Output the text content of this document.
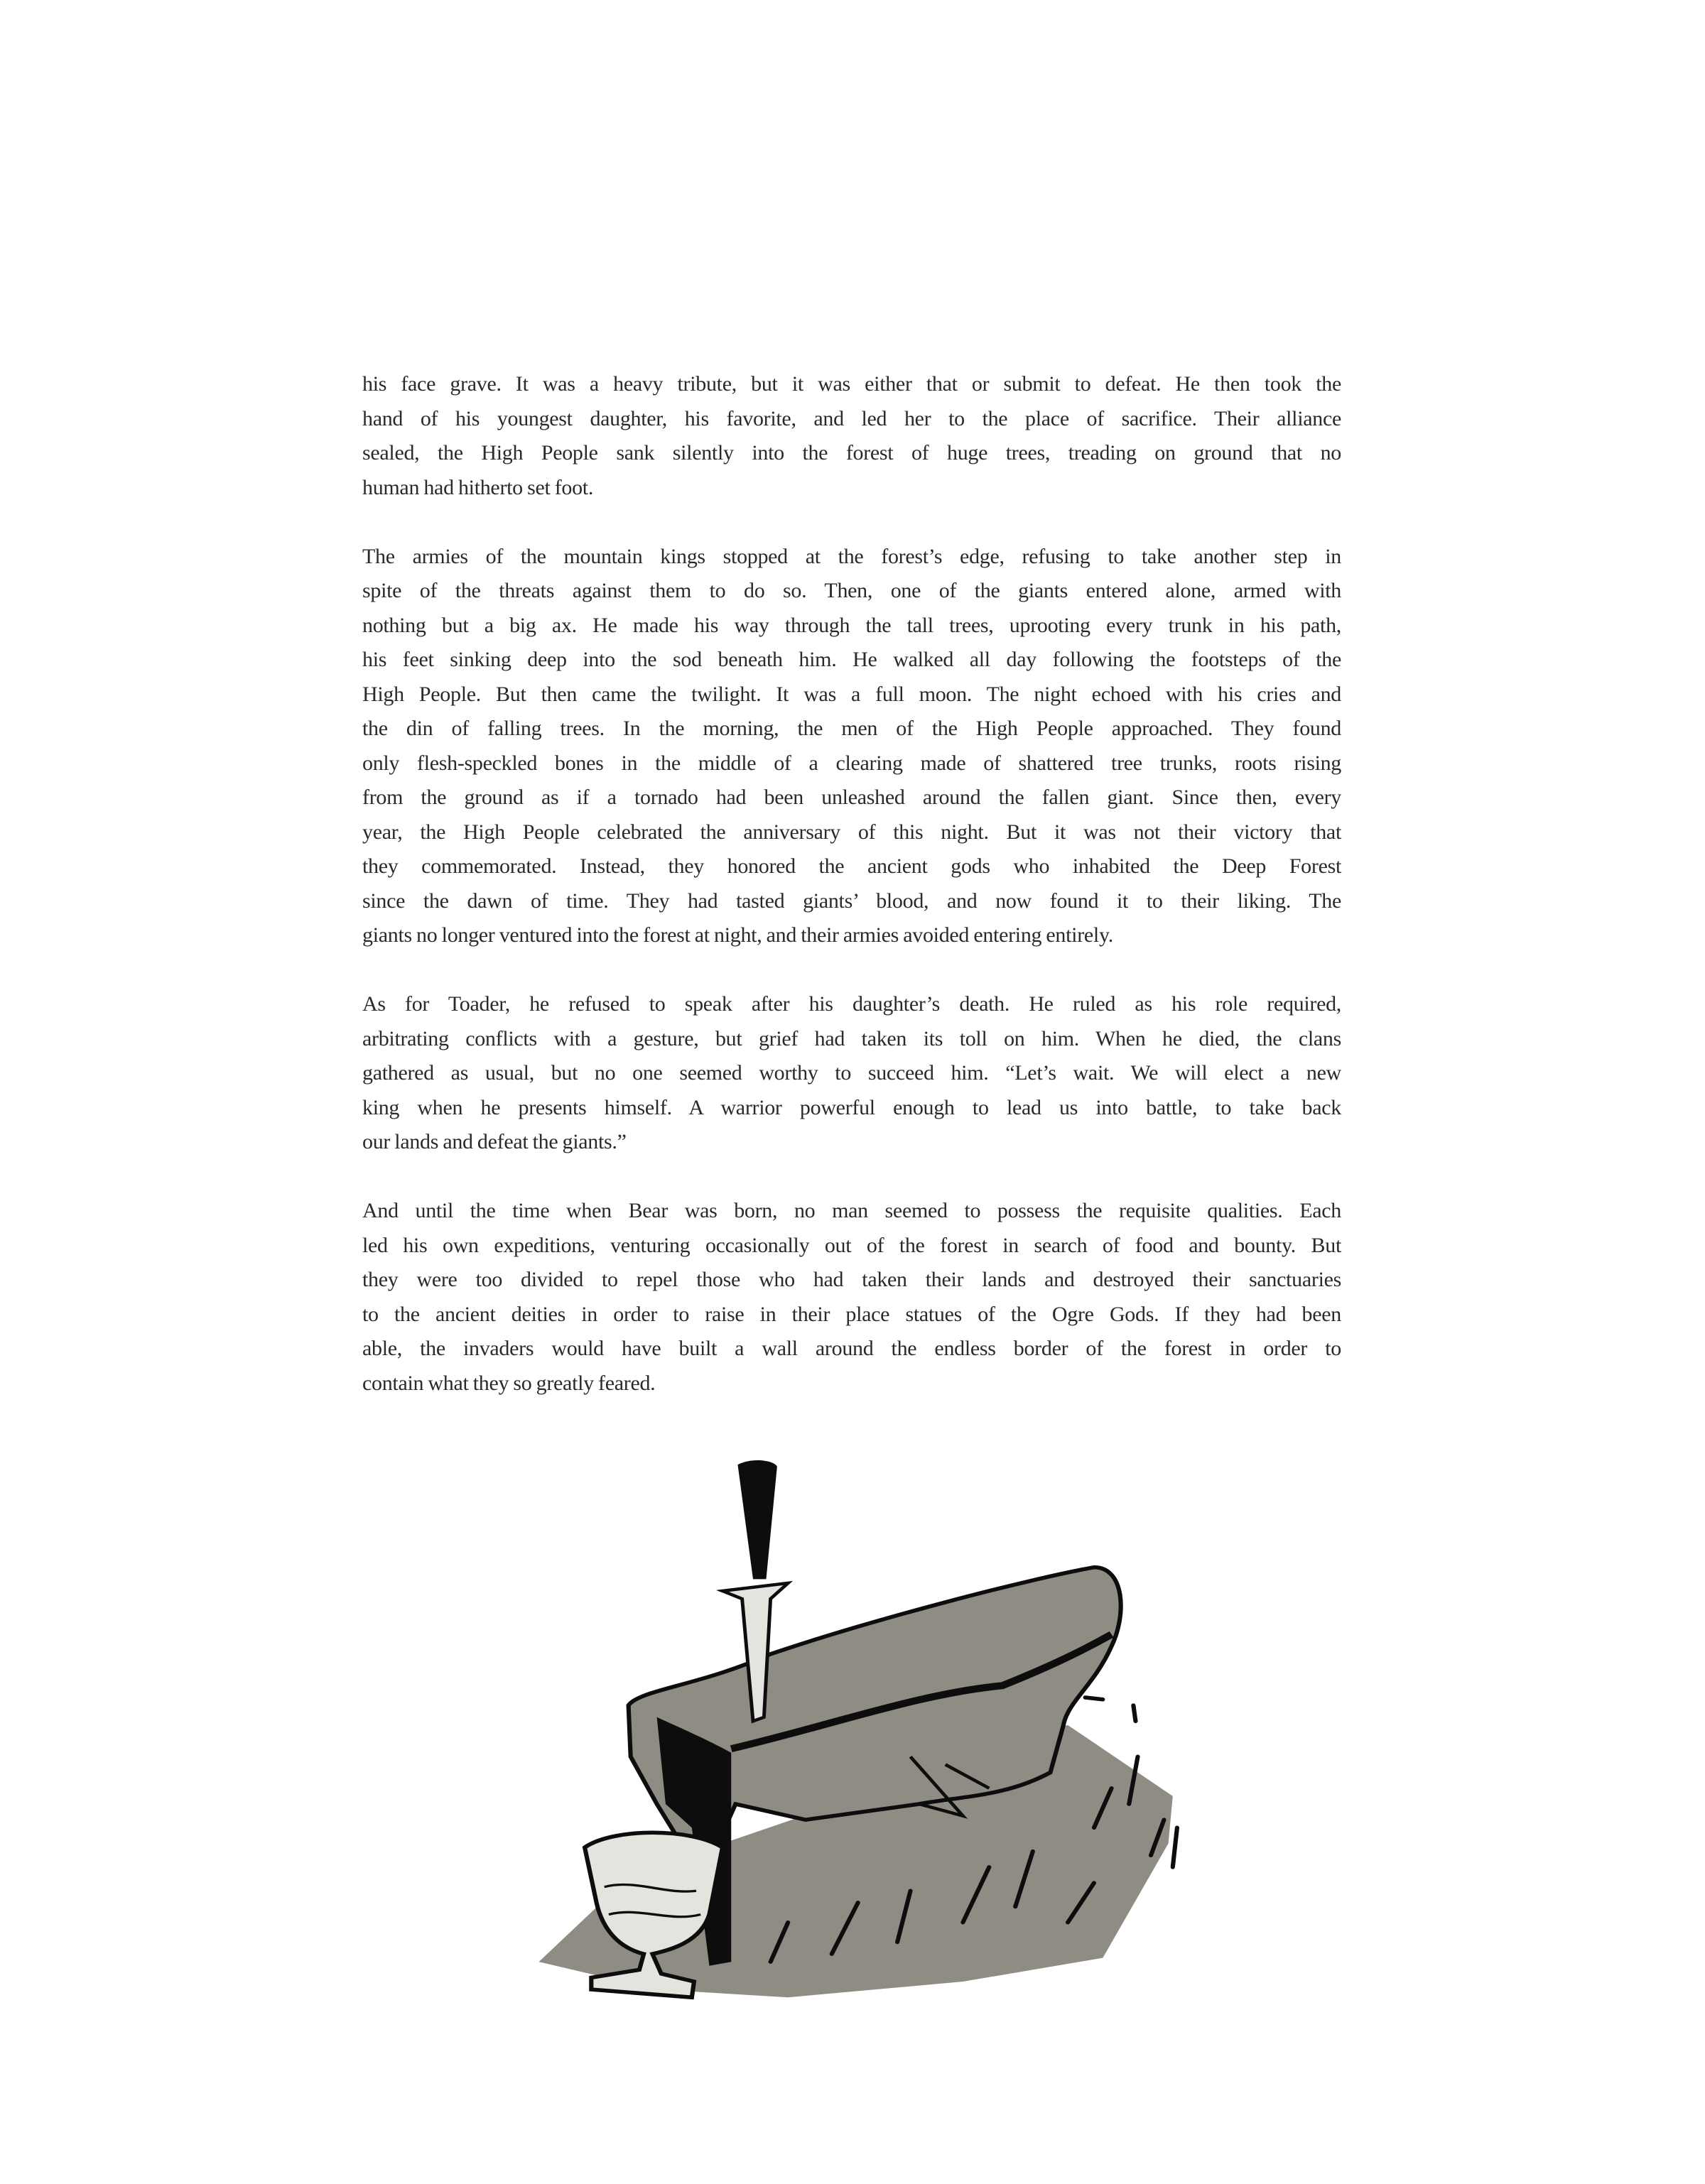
his face grave. It was a heavy tribute, but it was either that or submit to defeat. He then took the
hand of his youngest daughter, his favorite, and led her to the place of sacrifice. Their alliance
sealed, the High People sank silently into the forest of huge trees, treading on ground that no
human had hitherto set foot.
The armies of the mountain kings stopped at the forest’s edge, refusing to take another step in
spite of the threats against them to do so. Then, one of the giants entered alone, armed with
nothing but a big ax. He made his way through the tall trees, uprooting every trunk in his path,
his feet sinking deep into the sod beneath him. He walked all day following the footsteps of the
High People. But then came the twilight. It was a full moon. The night echoed with his cries and
the din of falling trees. In the morning, the men of the High People approached. They found
only flesh-speckled bones in the middle of a clearing made of shattered tree trunks, roots rising
from the ground as if a tornado had been unleashed around the fallen giant. Since then, every
year, the High People celebrated the anniversary of this night. But it was not their victory that
they commemorated. Instead, they honored the ancient gods who inhabited the Deep Forest
since the dawn of time. They had tasted giants’ blood, and now found it to their liking. The
giants no longer ventured into the forest at night, and their armies avoided entering entirely.
As for Toader, he refused to speak after his daughter’s death. He ruled as his role required,
arbitrating conflicts with a gesture, but grief had taken its toll on him. When he died, the clans
gathered as usual, but no one seemed worthy to succeed him. “Let’s wait. We will elect a new
king when he presents himself. A warrior powerful enough to lead us into battle, to take back
our lands and defeat the giants.”
And until the time when Bear was born, no man seemed to possess the requisite qualities. Each
led his own expeditions, venturing occasionally out of the forest in search of food and bounty. But
they were too divided to repel those who had taken their lands and destroyed their sanctuaries
to the ancient deities in order to raise in their place statues of the Ogre Gods. If they had been
able, the invaders would have built a wall around the endless border of the forest in order to
contain what they so greatly feared.
